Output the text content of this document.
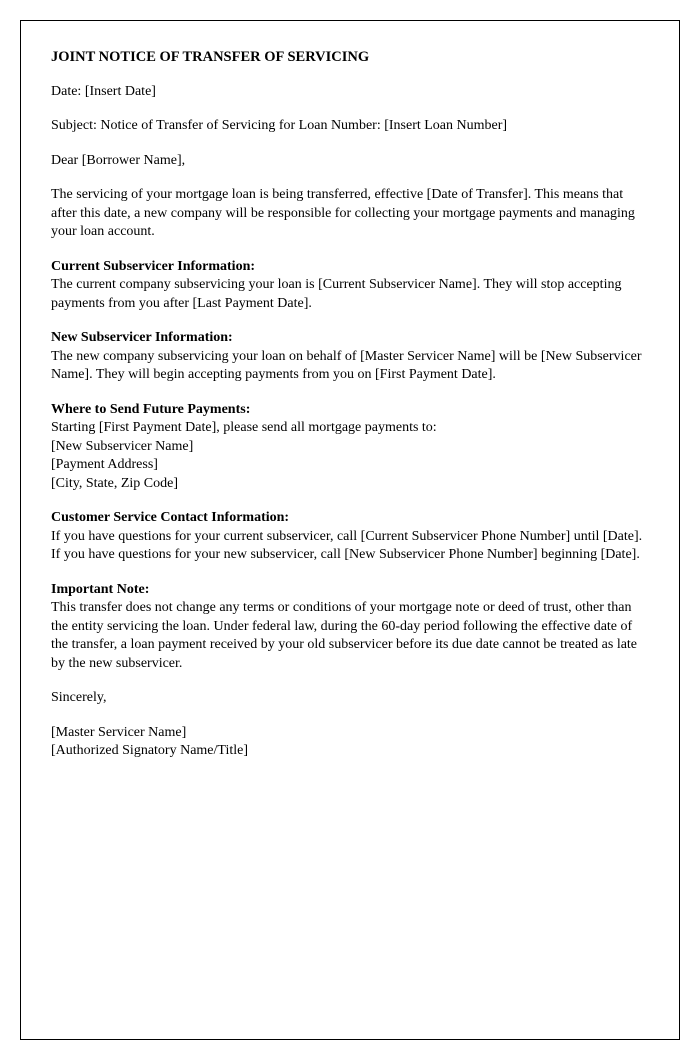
JOINT NOTICE OF TRANSFER OF SERVICING
Date: [Insert Date]
Subject: Notice of Transfer of Servicing for Loan Number: [Insert Loan Number]
Dear [Borrower Name],
The servicing of your mortgage loan is being transferred, effective [Date of Transfer]. This means that after this date, a new company will be responsible for collecting your mortgage payments and managing your loan account.
Current Subservicer Information:
The current company subservicing your loan is [Current Subservicer Name]. They will stop accepting payments from you after [Last Payment Date].
New Subservicer Information:
The new company subservicing your loan on behalf of [Master Servicer Name] will be [New Subservicer Name]. They will begin accepting payments from you on [First Payment Date].
Where to Send Future Payments:
Starting [First Payment Date], please send all mortgage payments to:
[New Subservicer Name]
[Payment Address]
[City, State, Zip Code]
Customer Service Contact Information:
If you have questions for your current subservicer, call [Current Subservicer Phone Number] until [Date].
If you have questions for your new subservicer, call [New Subservicer Phone Number] beginning [Date].
Important Note:
This transfer does not change any terms or conditions of your mortgage note or deed of trust, other than the entity servicing the loan. Under federal law, during the 60-day period following the effective date of the transfer, a loan payment received by your old subservicer before its due date cannot be treated as late by the new subservicer.
Sincerely,
[Master Servicer Name]
[Authorized Signatory Name/Title]
